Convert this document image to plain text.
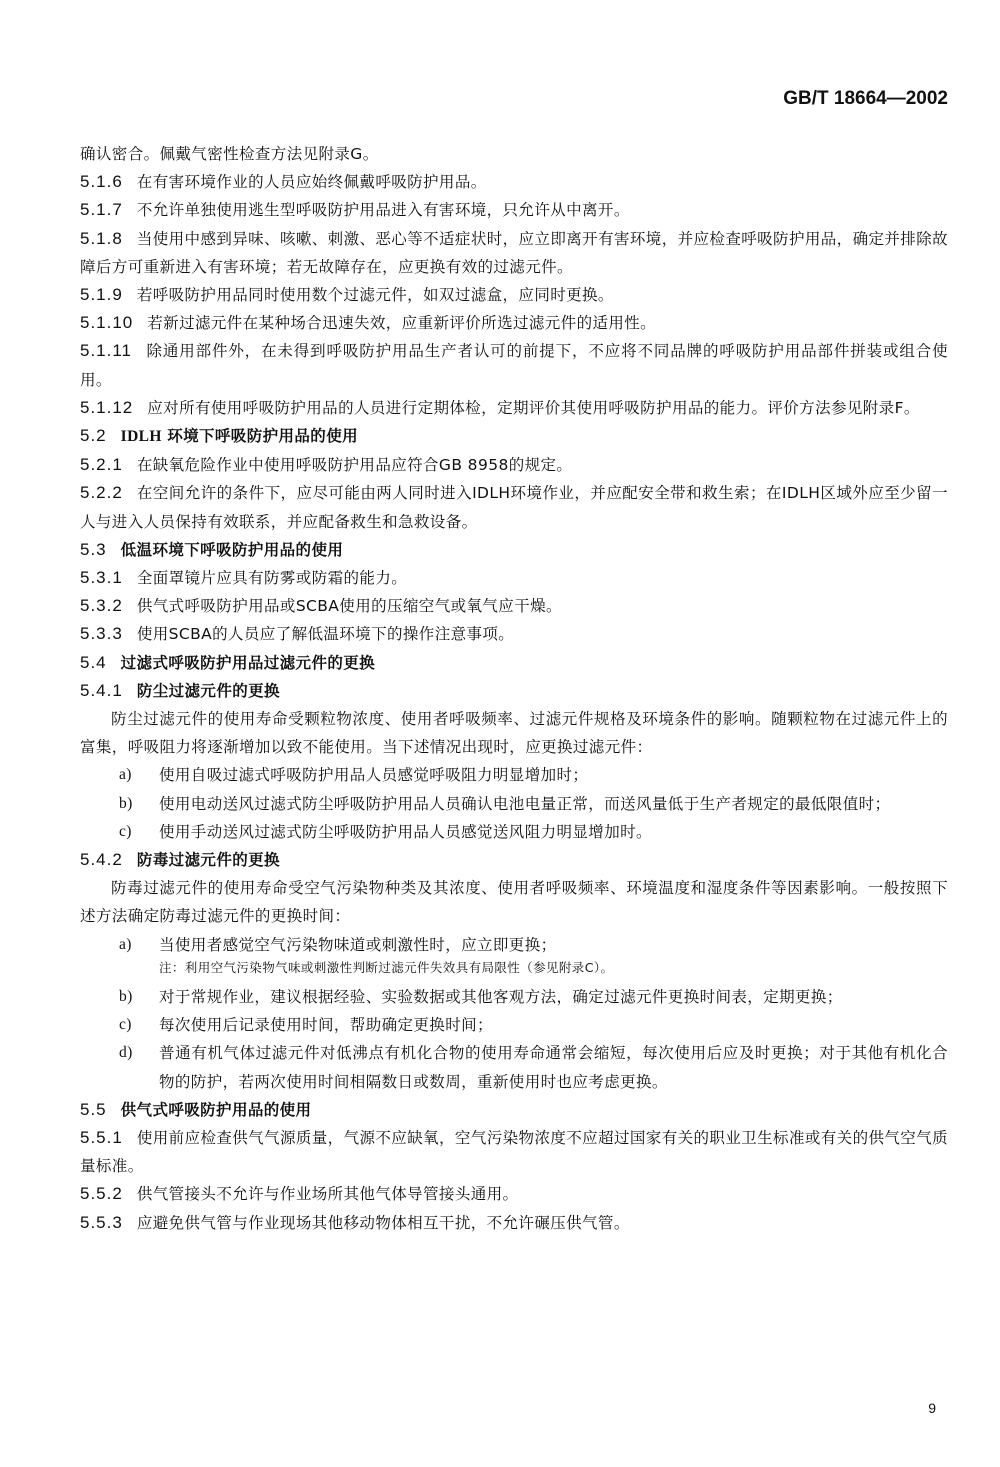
GB/T 18664—2002

确认密合。佩戴气密性检查方法见附录G。

5.1.6 在有害环境作业的人员应始终佩戴呼吸防护用品。

5.1.7 不允许单独使用逃生型呼吸防护用品进入有害环境，只允许从中离开。

5.1.8 当使用中感到异味、咳嗽、刺激、恶心等不适症状时，应立即离开有害环境，并应检查呼吸防护用品，确定并排除故障后方可重新进入有害环境；若无故障存在，应更换有效的过滤元件。

5.1.9 若呼吸防护用品同时使用数个过滤元件，如双过滤盒，应同时更换。

5.1.10 若新过滤元件在某种场合迅速失效，应重新评价所选过滤元件的适用性。

5.1.11 除通用部件外，在未得到呼吸防护用品生产者认可的前提下，不应将不同品牌的呼吸防护用品部件拼装或组合使用。

5.1.12 应对所有使用呼吸防护用品的人员进行定期体检，定期评价其使用呼吸防护用品的能力。评价方法参见附录F。

5.2 IDLH 环境下呼吸防护用品的使用

5.2.1 在缺氧危险作业中使用呼吸防护用品应符合GB 8958的规定。

5.2.2 在空间允许的条件下，应尽可能由两人同时进入IDLH环境作业，并应配安全带和救生索；在IDLH区域外应至少留一人与进入人员保持有效联系，并应配备救生和急救设备。

5.3 低温环境下呼吸防护用品的使用

5.3.1 全面罩镜片应具有防雾或防霜的能力。

5.3.2 供气式呼吸防护用品或SCBA使用的压缩空气或氧气应干燥。

5.3.3 使用SCBA的人员应了解低温环境下的操作注意事项。

5.4 过滤式呼吸防护用品过滤元件的更换

5.4.1 防尘过滤元件的更换

防尘过滤元件的使用寿命受颗粒物浓度、使用者呼吸频率、过滤元件规格及环境条件的影响。随颗粒物在过滤元件上的富集，呼吸阻力将逐渐增加以致不能使用。当下述情况出现时，应更换过滤元件：

a) 使用自吸过滤式呼吸防护用品人员感觉呼吸阻力明显增加时；

b) 使用电动送风过滤式防尘呼吸防护用品人员确认电池电量正常，而送风量低于生产者规定的最低限值时；

c) 使用手动送风过滤式防尘呼吸防护用品人员感觉送风阻力明显增加时。

5.4.2 防毒过滤元件的更换

防毒过滤元件的使用寿命受空气污染物种类及其浓度、使用者呼吸频率、环境温度和湿度条件等因素影响。一般按照下述方法确定防毒过滤元件的更换时间：

a) 当使用者感觉空气污染物味道或刺激性时，应立即更换；

注：利用空气污染物气味或刺激性判断过滤元件失效具有局限性（参见附录C）。

b) 对于常规作业，建议根据经验、实验数据或其他客观方法，确定过滤元件更换时间表，定期更换；

c) 每次使用后记录使用时间，帮助确定更换时间；

d) 普通有机气体过滤元件对低沸点有机化合物的使用寿命通常会缩短，每次使用后应及时更换；对于其他有机化合物的防护，若两次使用时间相隔数日或数周，重新使用时也应考虑更换。

5.5 供气式呼吸防护用品的使用

5.5.1 使用前应检查供气气源质量，气源不应缺氧，空气污染物浓度不应超过国家有关的职业卫生标准或有关的供气空气质量标准。

5.5.2 供气管接头不允许与作业场所其他气体导管接头通用。

5.5.3 应避免供气管与作业现场其他移动物体相互干扰，不允许碾压供气管。

9
